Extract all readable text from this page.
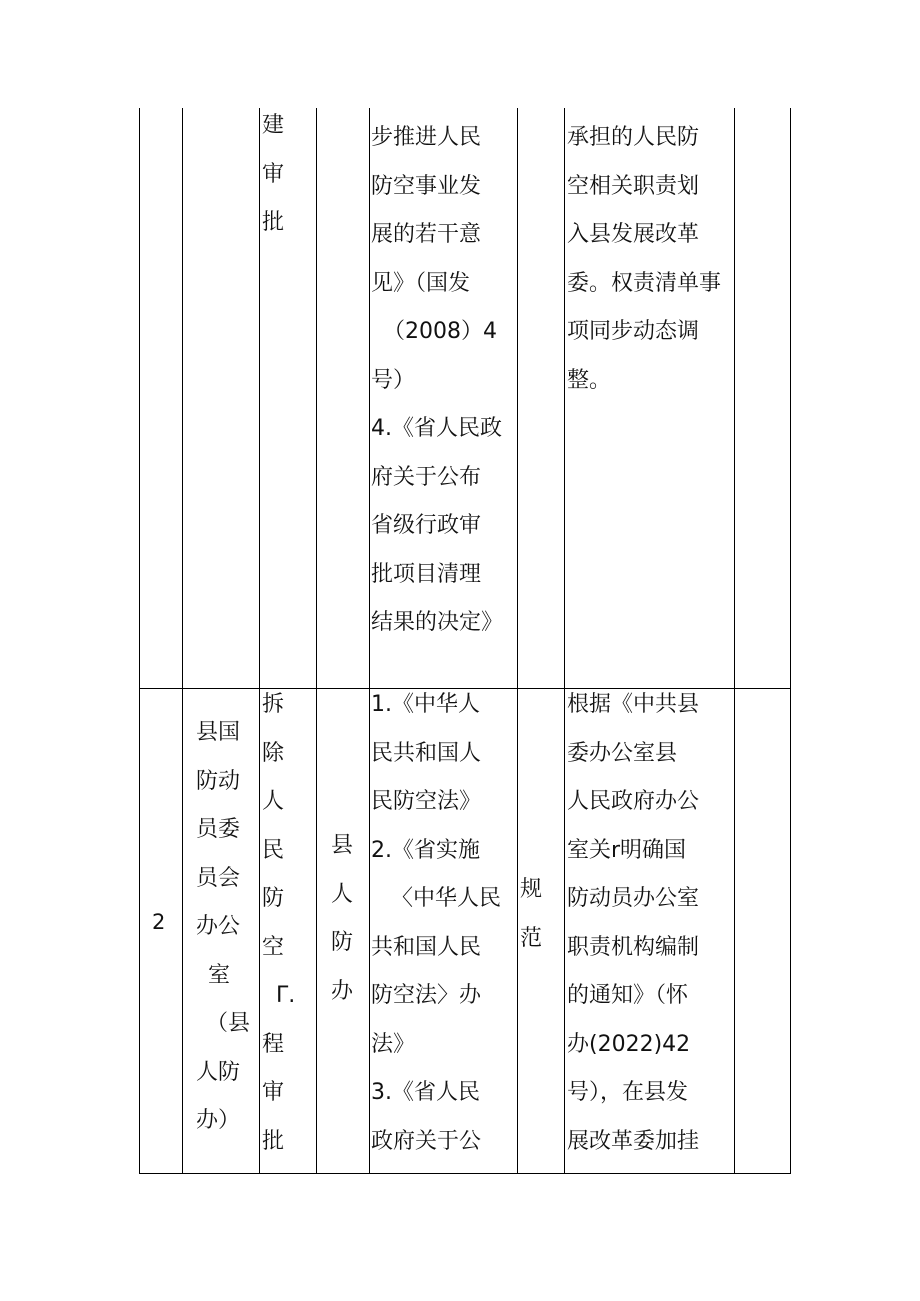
建
审
批
步推进人民
防空事业发
展的若干意
见》（国发
（2008）4
号）
4.《省人民政
府关于公布
省级行政审
批项目清理
结果的决定》
承担的人民防
空相关职责划
入县发展改革
委。权责清单事
项同步动态调
整。
2
县国
防动
员委
员会
办公
室
（县
人防
办）
拆
除
人
民
防
空
Γ.
程
审
批
县
人
防
办
1.《中华人
民共和国人
民防空法》
2.《省实施
〈中华人民
共和国人民
防空法〉办
法》
3.《省人民
政府关于公
规
范
根据《中共县
委办公室县
人民政府办公
室关r明确国
防动员办公室
职责机构编制
的通知》（怀
办(2022)42
号），在县发
展改革委加挂
